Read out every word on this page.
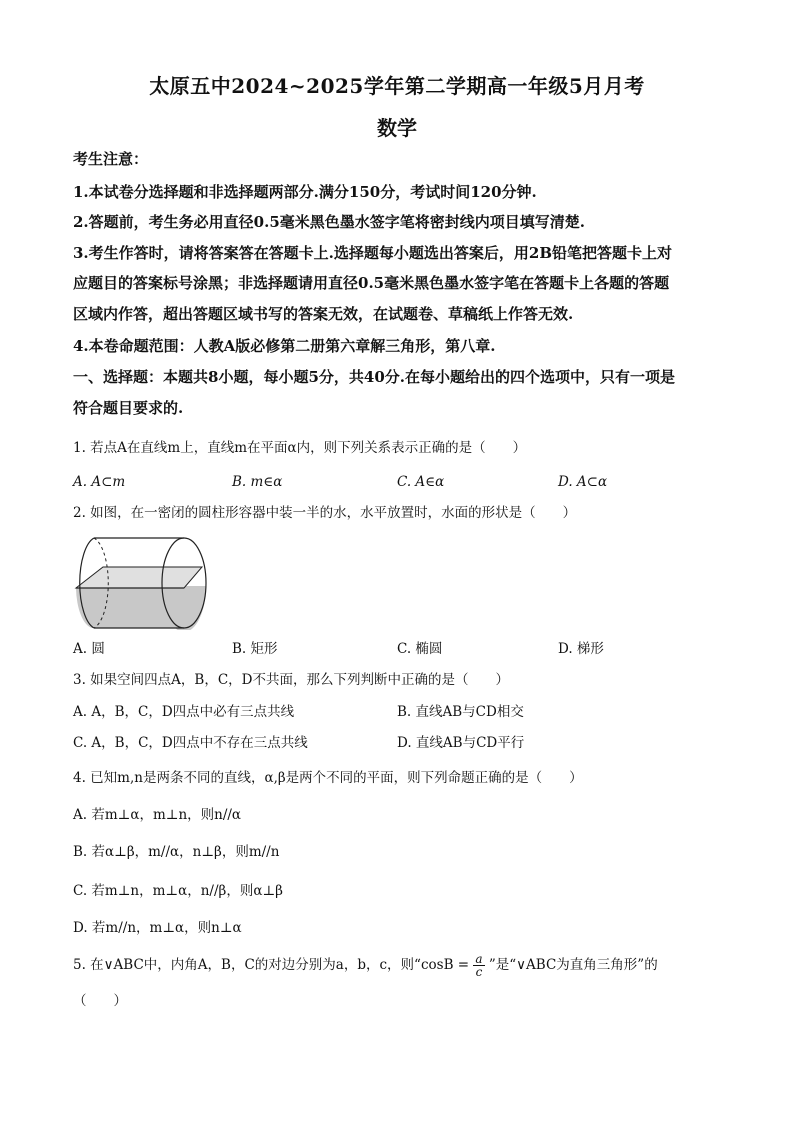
太原五中2024~2025学年第二学期高一年级5月月考
数学
考生注意：
1.本试卷分选择题和非选择题两部分.满分150分，考试时间120分钟.
2.答题前，考生务必用直径0.5毫米黑色墨水签字笔将密封线内项目填写清楚.
3.考生作答时，请将答案答在答题卡上.选择题每小题选出答案后，用2B铅笔把答题卡上对
应题目的答案标号涂黑；非选择题请用直径0.5毫米黑色墨水签字笔在答题卡上各题的答题
区域内作答，超出答题区域书写的答案无效，在试题卷、草稿纸上作答无效.
4.本卷命题范围：人教A版必修第二册第六章解三角形，第八章.
一、选择题：本题共8小题，每小题5分，共40分.在每小题给出的四个选项中，只有一项是
符合题目要求的.
1. 若点A在直线m上，直线m在平面α内，则下列关系表示正确的是（　　）
A. A⊂m	B. m∈α	C. A∈α	D. A⊂α
2. 如图，在一密闭的圆柱形容器中装一半的水，水平放置时，水面的形状是（　　）
A. 圆	B. 矩形	C. 椭圆	D. 梯形
3. 如果空间四点A，B，C，D不共面，那么下列判断中正确的是（　　）
A. A，B，C，D四点中必有三点共线	B. 直线AB与CD相交
C. A，B，C，D四点中不存在三点共线	D. 直线AB与CD平行
4. 已知m,n是两条不同的直线，α,β是两个不同的平面，则下列命题正确的是（　　）
A. 若m⊥α，m⊥n，则n//α
B. 若α⊥β，m//α，n⊥β，则m//n
C. 若m⊥n，m⊥α，n//β，则α⊥β
D. 若m//n，m⊥α，则n⊥α
5. 在∨ABC中，内角A，B，C的对边分别为a，b，c，则“$\cos B = \frac{a}{c}$ ”是“∨ABC为直角三角形”的
（　　）
